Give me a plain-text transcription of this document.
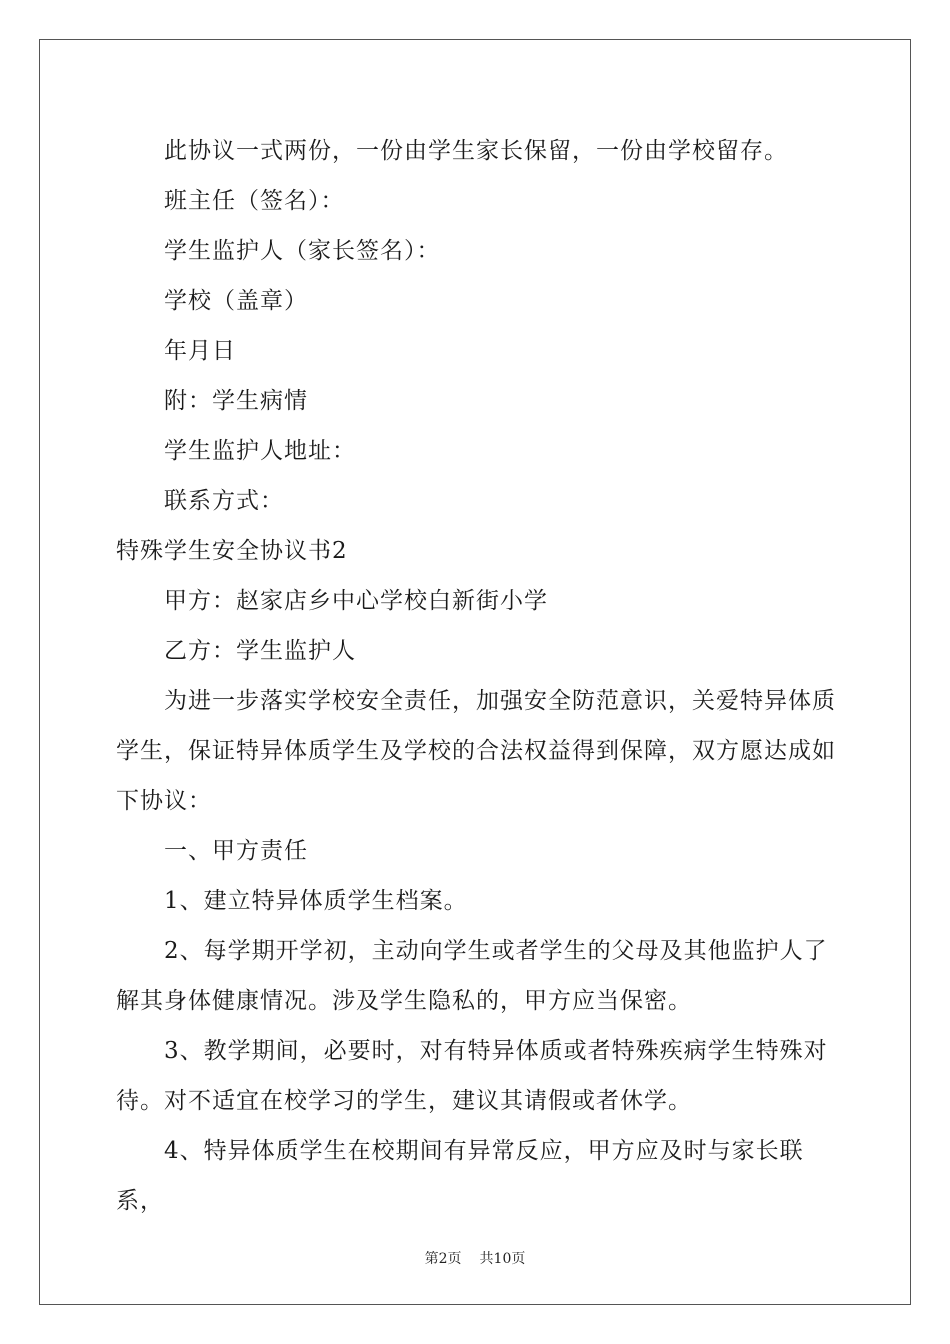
此协议一式两份，一份由学生家长保留，一份由学校留存。

班主任（签名）：

学生监护人（家长签名）：

学校（盖章）

年月日

附：学生病情

学生监护人地址：

联系方式：

特殊学生安全协议书2

甲方：赵家店乡中心学校白新街小学

乙方：学生监护人

为进一步落实学校安全责任，加强安全防范意识，关爱特异体质学生，保证特异体质学生及学校的合法权益得到保障，双方愿达成如下协议：

一、甲方责任

1、建立特异体质学生档案。

2、每学期开学初，主动向学生或者学生的父母及其他监护人了解其身体健康情况。涉及学生隐私的，甲方应当保密。

3、教学期间，必要时，对有特异体质或者特殊疾病学生特殊对待。对不适宜在校学习的学生，建议其请假或者休学。

4、特异体质学生在校期间有异常反应，甲方应及时与家长联系，

第2页 共10页
